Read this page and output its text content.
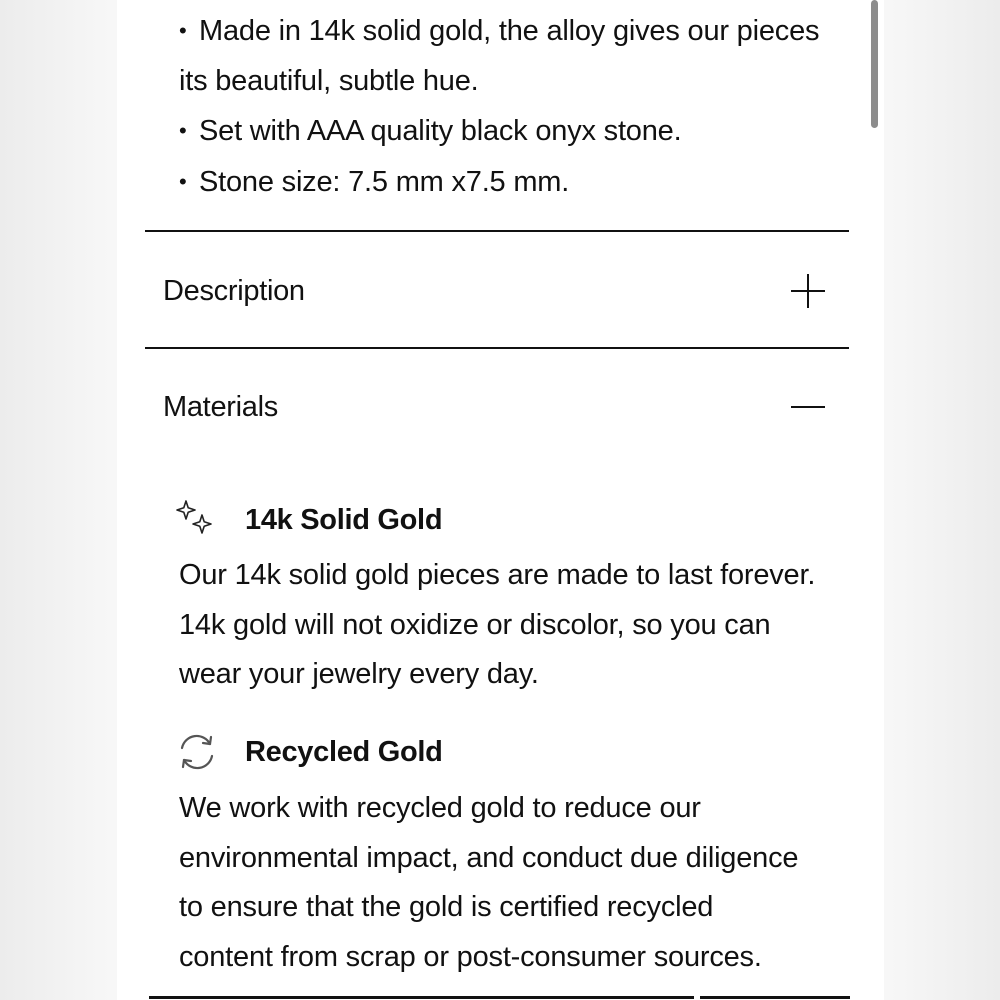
• Made in 14k solid gold, the alloy gives our pieces
its beautiful, subtle hue.
• Set with AAA quality black onyx stone.
• Stone size: 7.5 mm x7.5 mm.
Description
Materials
14k Solid Gold
Our 14k solid gold pieces are made to last forever.
14k gold will not oxidize or discolor, so you can
wear your jewelry every day.
Recycled Gold
We work with recycled gold to reduce our
environmental impact, and conduct due diligence
to ensure that the gold is certified recycled
content from scrap or post-consumer sources.
